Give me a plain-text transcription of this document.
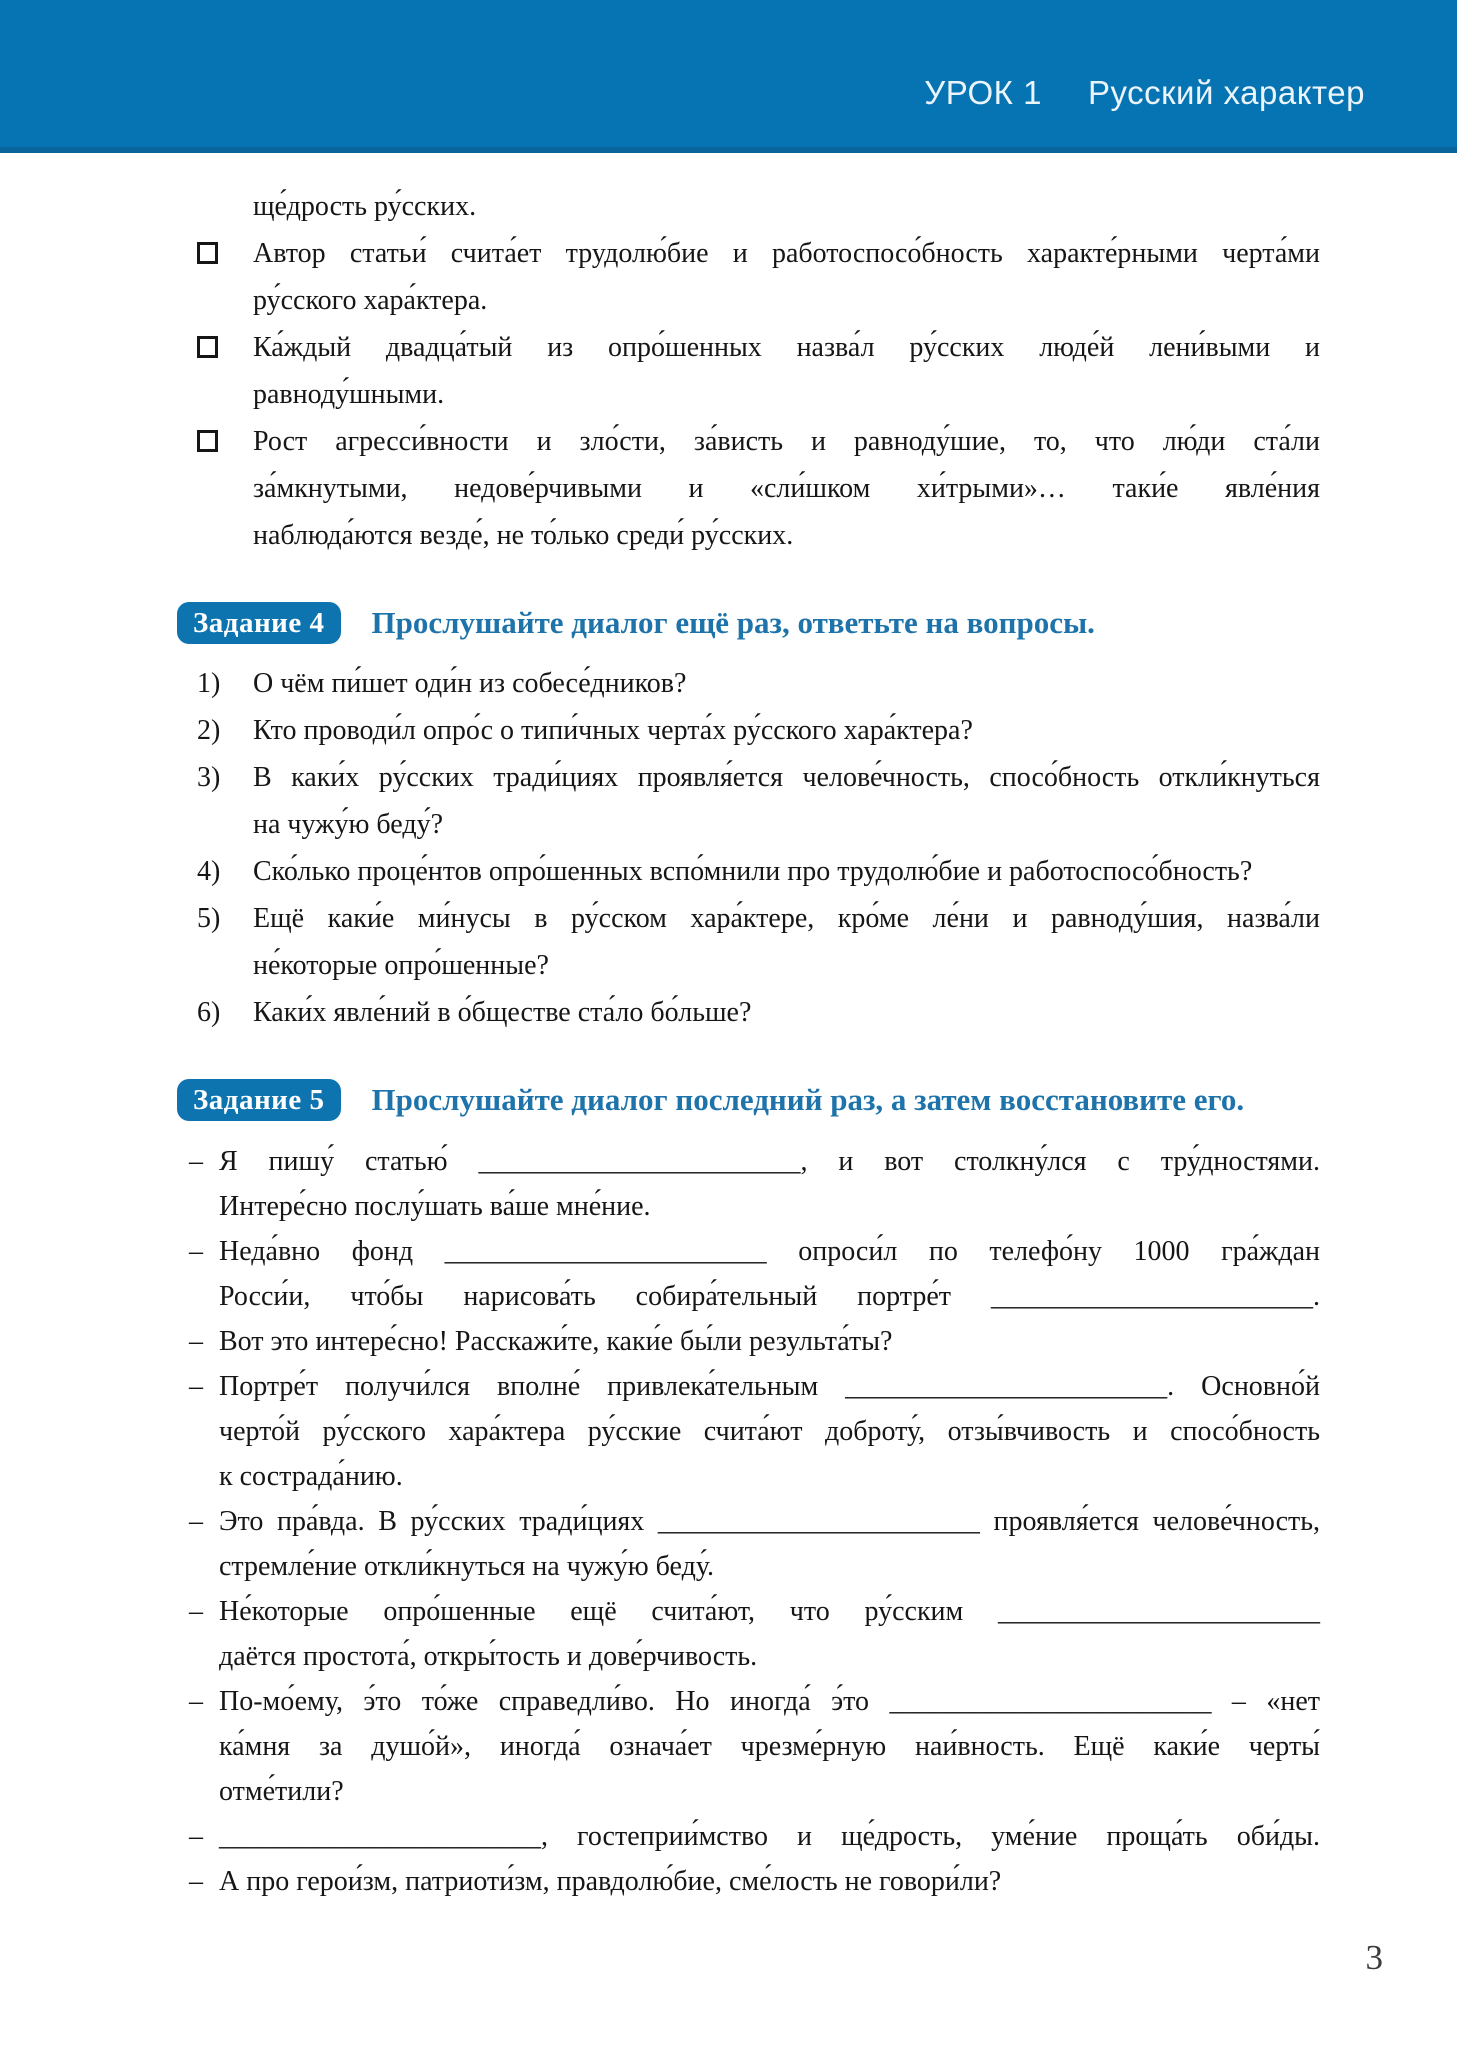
УРОК 1 Русский характер
ще́дрость ру́сских.
Автор статьи́ счита́ет трудолю́бие и работоспосо́бность характе́рными черта́ми
ру́сского хара́ктера.
Ка́ждый двадца́тый из опро́шенных назва́л ру́сских люде́й лени́выми и
равноду́шными.
Рост агресси́вности и зло́сти, за́висть и равноду́шие, то, что лю́ди ста́ли
за́мкнутыми, недове́рчивыми и «сли́шком хи́трыми»… таки́е явле́ния
наблюда́ются везде́, не то́лько среди́ ру́сских.
Задание 4	Прослушайте диалог ещё раз, ответьте на вопросы.
1)	О чём пи́шет оди́н из собесе́дников?
2)	Кто проводи́л опро́с о типи́чных черта́х ру́сского хара́ктера?
3)	В каки́х ру́сских тради́циях проявля́ется челове́чность, спосо́бность откли́кнуться
на чужу́ю беду́?
4)	Ско́лько проце́нтов опро́шенных вспо́мнили про трудолю́бие и работоспосо́бность?
5)	Ещё каки́е ми́нусы в ру́сском хара́ктере, кро́ме ле́ни и равноду́шия, назва́ли
не́которые опро́шенные?
6)	Каки́х явле́ний в о́бществе ста́ло бо́льше?
Задание 5	Прослушайте диалог последний раз, а затем восстановите его.
– Я пишу́ статью́ _______________________, и вот столкну́лся с тру́дностями.
Интере́сно послу́шать ва́ше мне́ние.
– Неда́вно фонд _______________________ опроси́л по телефо́ну 1000 гра́ждан
Росси́и, что́бы нарисова́ть собира́тельный портре́т _______________________.
– Вот это интере́сно! Расскажи́те, каки́е бы́ли результа́ты?
– Портре́т получи́лся вполне́ привлека́тельным _______________________. Основно́й
черто́й ру́сского хара́ктера ру́сские счита́ют доброту́, отзы́вчивость и спосо́бность
к сострада́нию.
– Это пра́вда. В ру́сских тради́циях _______________________ проявля́ется челове́чность,
стремле́ние откли́кнуться на чужу́ю беду́.
– Не́которые опро́шенные ещё счита́ют, что ру́сским _______________________
даётся простота́, откры́тость и дове́рчивость.
– По-мо́ему, э́то то́же справедли́во. Но иногда́ э́то _______________________ – «нет
ка́мня за душо́й», иногда́ означа́ет чрезме́рную наи́вность. Ещё каки́е черты́
отме́тили?
– _______________________, гостеприи́мство и ще́дрость, уме́ние проща́ть оби́ды.
– А про герои́зм, патриоти́зм, правдолю́бие, сме́лость не говори́ли?
3
